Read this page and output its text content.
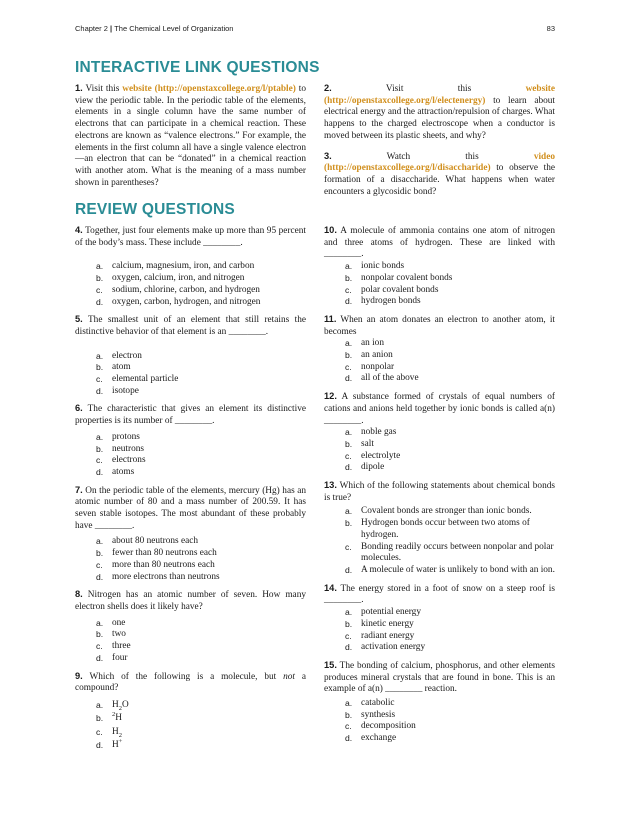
Chapter 2 | The Chemical Level of Organization	83
INTERACTIVE LINK QUESTIONS

1. Visit this website (http://openstaxcollege.org/l/ptable) to view the periodic table. In the periodic table of the elements, elements in a single column have the same number of electrons that can participate in a chemical reaction. These electrons are known as “valence electrons.” For example, the elements in the first column all have a single valence electron—an electron that can be “donated” in a chemical reaction with another atom. What is the meaning of a mass number shown in parentheses?

2. Visit this website (http://openstaxcollege.org/l/electenergy) to learn about electrical energy and the attraction/repulsion of charges. What happens to the charged electroscope when a conductor is moved between its plastic sheets, and why?

3. Watch this video (http://openstaxcollege.org/l/disaccharide) to observe the formation of a disaccharide. What happens when water encounters a glycosidic bond?

REVIEW QUESTIONS

4. Together, just four elements make up more than 95 percent of the body’s mass. These include ________.

a. calcium, magnesium, iron, and carbon
b. oxygen, calcium, iron, and nitrogen
c.	sodium, chlorine, carbon, and hydrogen
d. oxygen, carbon, hydrogen, and nitrogen

5. The smallest unit of an element that still retains the distinctive behavior of that element is an ________.

a. electron
b. atom
c.	elemental particle
d. isotope

6. The characteristic that gives an element its distinctive properties is its number of ________.

a. protons
b. neutrons
c.	electrons
d. atoms

7. On the periodic table of the elements, mercury (Hg) has an atomic number of 80 and a mass number of 200.59. It has seven stable isotopes. The most abundant of these probably have ________.

a. about 80 neutrons each
b. fewer than 80 neutrons each
c.	more than 80 neutrons each
d. more electrons than neutrons

8. Nitrogen has an atomic number of seven. How many electron shells does it likely have?

a. one
b. two
c.	three
d. four

9. Which of the following is a molecule, but not a compound?

a. $H_2O$
b.	$^2$H
c.	$H_2$
d. H+

10. A molecule of ammonia contains one atom of nitrogen and three atoms of hydrogen. These are linked with ________.

a. ionic bonds
b. nonpolar covalent bonds
c.	polar covalent bonds
d. hydrogen bonds

11. When an atom donates an electron to another atom, it becomes

a. an ion
b. an anion
c.	nonpolar
d. all of the above

12. A substance formed of crystals of equal numbers of cations and anions held together by ionic bonds is called a(n) ________.

a. noble gas
b. salt
c.	electrolyte
d. dipole

13. Which of the following statements about chemical bonds is true?

a. Covalent bonds are stronger than ionic bonds.
b. Hydrogen bonds occur between two atoms of hydrogen.
c.	Bonding readily occurs between nonpolar and polar molecules.
d. A molecule of water is unlikely to bond with an ion.

14. The energy stored in a foot of snow on a steep roof is ________.

a. potential energy
b. kinetic energy
c.	radiant energy
d. activation energy

15. The bonding of calcium, phosphorus, and other elements produces mineral crystals that are found in bone. This is an example of a(n) ________ reaction.

a. catabolic
b. synthesis
c.	decomposition
d. exchange
